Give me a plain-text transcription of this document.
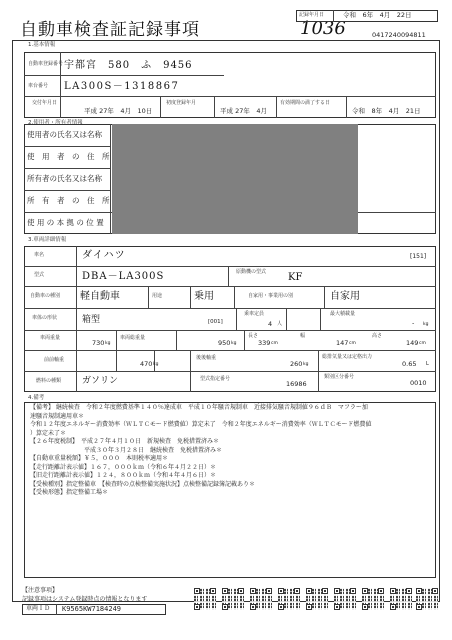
自動車検査証記録事項	1036
記録年月日	令和　6年　4月　22日
0417240094811
1.基本情報
自動車登録番号 宇都宮　580　ふ　9456
車台番号 LA300S－1318867
交付年月日
平成 27年　4月　10日
初度登録年月
平成 27年　4月
有効期間の満了する日
令和　8年　4月　21日
2.使用者・所有者情報
使用者の氏名又は名称
使　用　者　の　住　所
所有者の氏名又は名称
所　有　者　の　住　所
使 用 の 本 拠 の 位 置
3.車両詳細情報
車名	ダイハツ	[151]
型式	DBA－LA300S	原動機の型式 KF
自動車の種別 軽自動車	用途	乗用	自家用・事業用の別	自家用
車体の形状	箱型	[001]
乗車定員
4 人
最大積載量
- kg
車両重量
730 kg
車両総重量
950 kg
長さ
339 cm
幅
147 cm
高さ
149 cm
前前軸重	470 kg
後後軸重
260 kg
総排気量又は定格出力
0.65 L
燃料の種類 ガソリン	型式指定番号
16986
類別区分番号
0010
4.備考
【備考】 継続検査　令和２年度燃費基準１４０％達成車　平成１０年騒音規制車　近接排気騒音規制値９６ｄＢ　マフラー加
速騒音規制適用車＊
令和１２年度エネルギー消費効率（ＷＬＴＣモード燃費値）算定未了　令和２年度エネルギー消費効率（ＷＬＴＣモード燃費値
）算定未了＊
【２６年度税制】　平成２７年４月１０日　新規検査　免税措置済み＊
　　　　　　　　　平成３０年３月２８日　継続検査　免税措置済み＊
【自動車重量税額】￥５，０００　本則税率適用＊
【走行距離計表示値】１６７，０００ｋｍ（令和６年４月２２日）＊
【旧走行距離計表示値】１２４，８００ｋｍ（令和４年４月６日）＊
【受検種別】指定整備車　【検査時の点検整備実施状況】点検整備記録簿記載あり＊
【受検形態】指定整備工場＊
【注意事項】
記録事項はシステム登録時点の情報となります
車両ＩＤ K9565KW7184249
